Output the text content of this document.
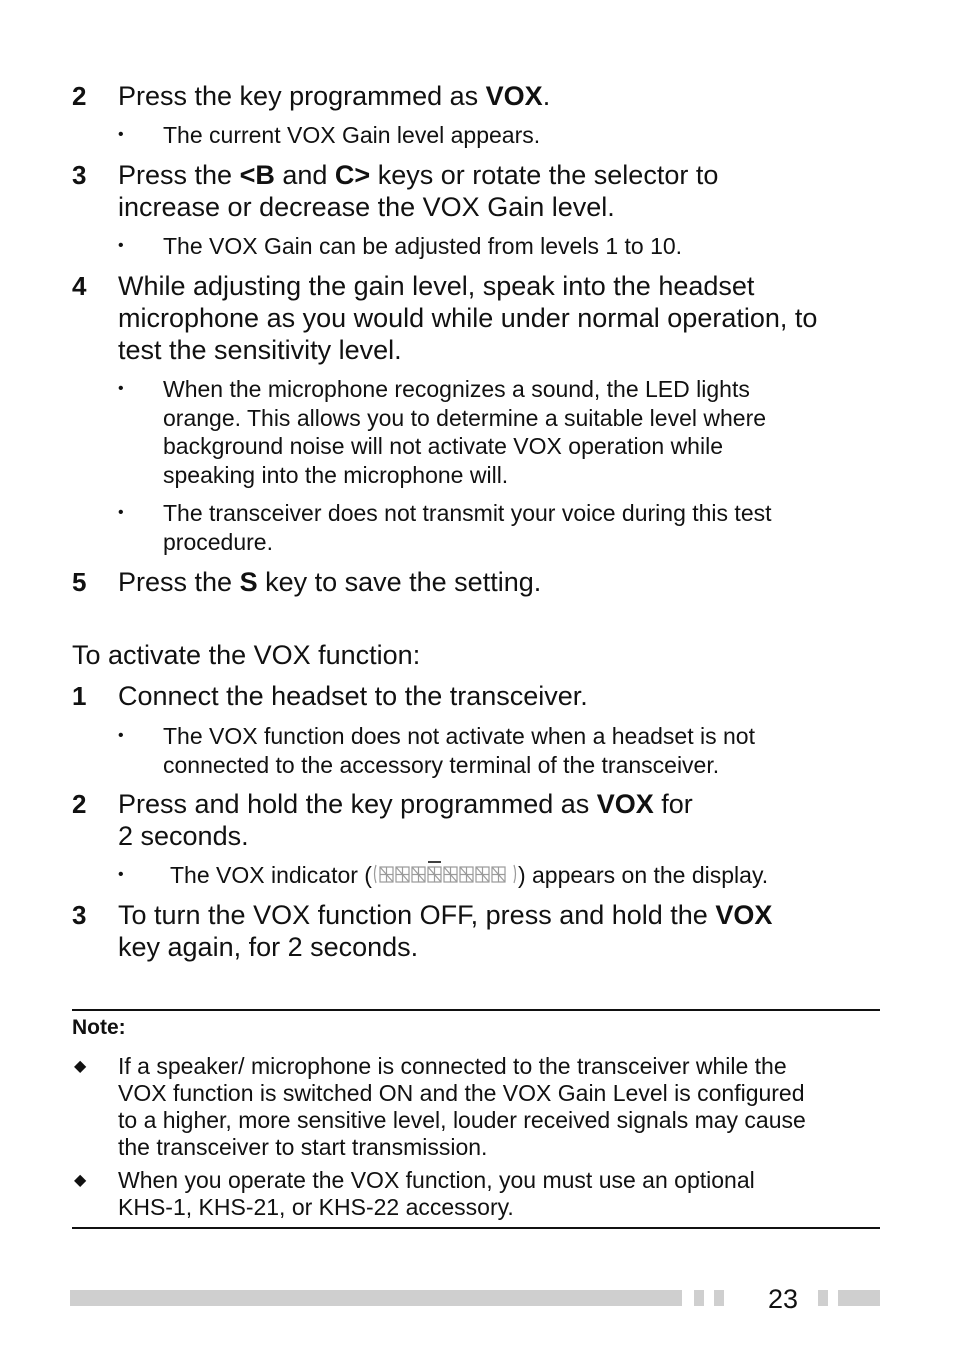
2 Press the key programmed as VOX.
• The current VOX Gain level appears.
3 Press the <B and C> keys or rotate the selector to
increase or decrease the VOX Gain level.
• The VOX Gain can be adjusted from levels 1 to 10.
4 While adjusting the gain level, speak into the headset
microphone as you would while under normal operation, to
test the sensitivity level.
• When the microphone recognizes a sound, the LED lights
orange. This allows you to determine a suitable level where
background noise will not activate VOX operation while
speaking into the microphone will.
• The transceiver does not transmit your voice during this test
procedure.
5 Press the S key to save the setting.
To activate the VOX function:
1 Connect the headset to the transceiver.
• The VOX function does not activate when a headset is not
connected to the accessory terminal of the transceiver.
2 Press and hold the key programmed as VOX for
2 seconds.
• The VOX indicator (	) appears on the display.
3 To turn the VOX function OFF, press and hold the VOX
key again, for 2 seconds.
Note:
◆ If a speaker/ microphone is connected to the transceiver while the
VOX function is switched ON and the VOX Gain Level is configured
to a higher, more sensitive level, louder received signals may cause
the transceiver to start transmission.
◆ When you operate the VOX function, you must use an optional
KHS-1, KHS-21, or KHS-22 accessory.
23
